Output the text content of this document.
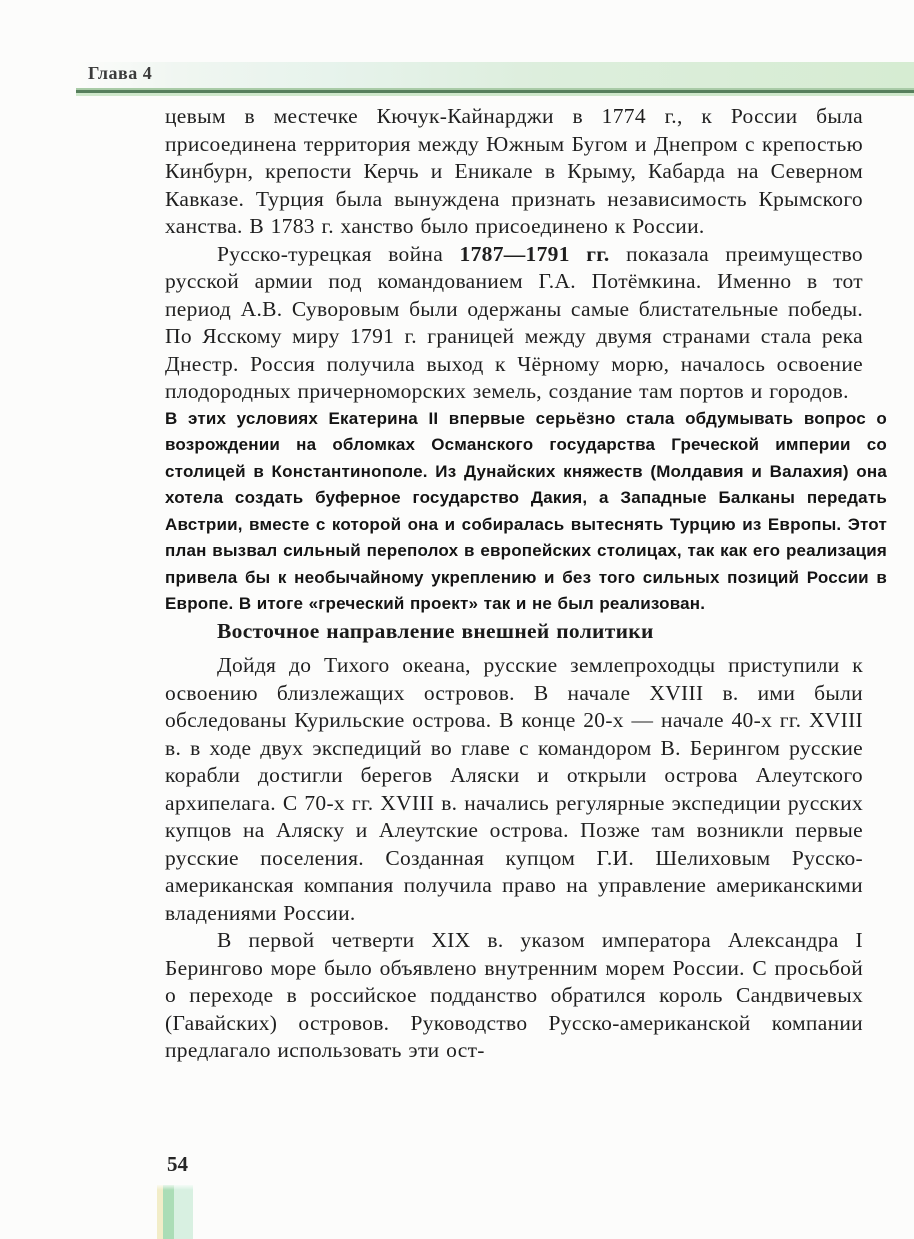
Глава 4

цевым в местечке Кючук-Кайнарджи в 1774 г., к России была присоединена территория между Южным Бугом и Днепром с крепостью Кинбурн, крепости Керчь и Еникале в Крыму, Кабарда на Северном Кавказе. Турция была вынуждена признать независимость Крымского ханства. В 1783 г. ханство было присоединено к России.

Русско-турецкая война 1787—1791 гг. показала преимущество русской армии под командованием Г.А. Потёмкина. Именно в тот период А.В. Суворовым были одержаны самые блистательные победы. По Ясскому миру 1791 г. границей между двумя странами стала река Днестр. Россия получила выход к Чёрному морю, началось освоение плодородных причерноморских земель, создание там портов и городов.

В этих условиях Екатерина II впервые серьёзно стала обдумывать вопрос о возрождении на обломках Османского государства Греческой империи со столицей в Константинополе. Из Дунайских княжеств (Молдавия и Валахия) она хотела создать буферное государство Дакия, а Западные Балканы передать Австрии, вместе с которой она и собиралась вытеснять Турцию из Европы. Этот план вызвал сильный переполох в европейских столицах, так как его реализация привела бы к необычайному укреплению и без того сильных позиций России в Европе. В итоге «греческий проект» так и не был реализован.

Восточное направление внешней политики

Дойдя до Тихого океана, русские землепроходцы приступили к освоению близлежащих островов. В начале XVIII в. ими были обследованы Курильские острова. В конце 20-х — начале 40-х гг. XVIII в. в ходе двух экспедиций во главе с командором В. Берингом русские корабли достигли берегов Аляски и открыли острова Алеутского архипелага. С 70-х гг. XVIII в. начались регулярные экспедиции русских купцов на Аляску и Алеутские острова. Позже там возникли первые русские поселения. Созданная купцом Г.И. Шелиховым Русско-американская компания получила право на управление американскими владениями России.

В первой четверти XIX в. указом императора Александра I Берингово море было объявлено внутренним морем России. С просьбой о переходе в российское подданство обратился король Сандвичевых (Гавайских) островов. Руководство Русско-американской компании предлагало использовать эти ост-

54
